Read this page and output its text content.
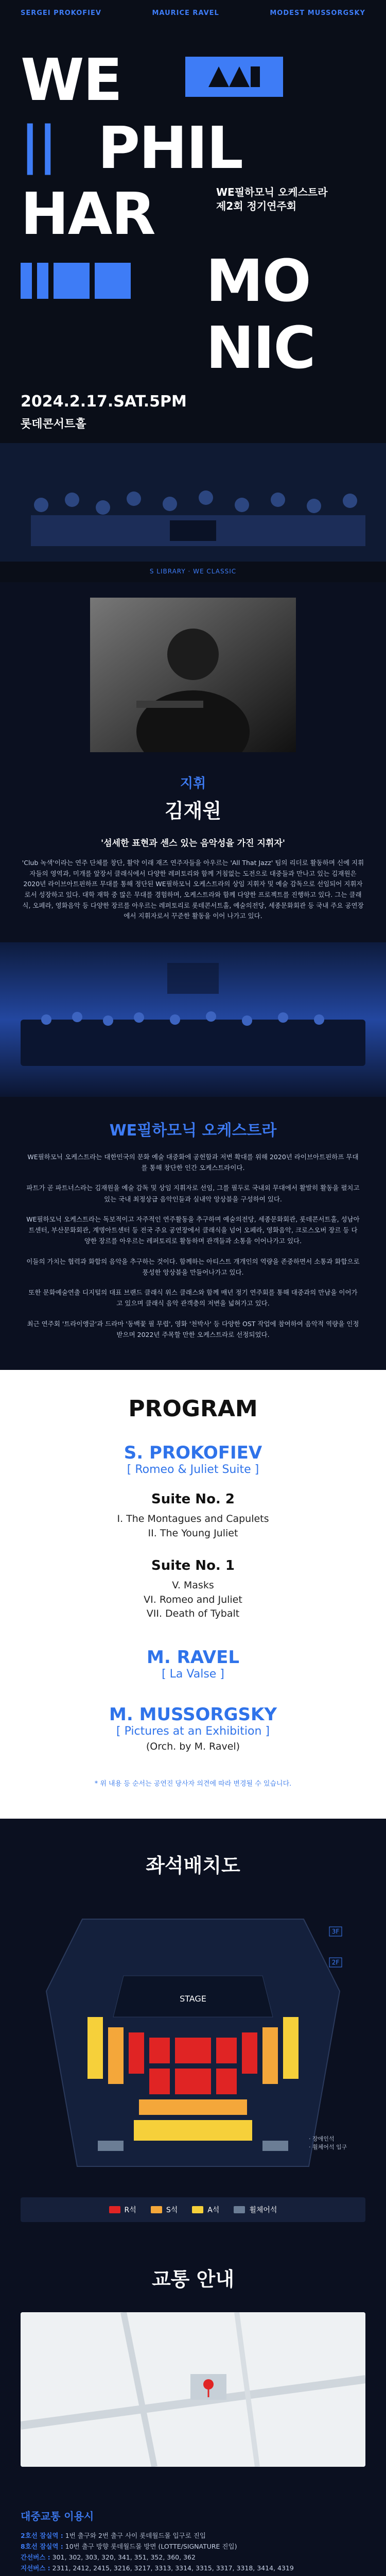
SERGEI PROKOFIEV	MAURICE RAVEL	MODEST MUSSORGSKY
WE
|| PHIL
HAR	WE필하모닉 오케스트라
제2회 정기연주회
MO
NIC
2024.2.17.SAT.5PM
롯데콘서트홀
S LIBRARY · WE CLASSIC
지휘
김재원
'섬세한 표현과 센스 있는 음악성을 가진 지휘자'

'Club 녹색'이라는 연주 단체를 창단, 활약 이래 재즈 연주자들을 아우르는 'All That Jazz' 팀의 리더로 활동하며 신예 지휘자들의 영역과, 미개를 앞장서 클래식에서 다양한 레퍼토리와 함께 거침없는 도전으로 대중들과 만나고 있는 김재원은 2020년 라이브아트핀하프 무대를 통해 정단된 WE필하모닉 오케스트라의 상임 지휘자 및 예술 감독으로 선임되어 지휘자로서 성장하고 있다. 대학 재학 중 많은 무대를 경험하며, 오케스트라와 함께 다양한 프로젝트를 진행하고 있다. 그는 클래식, 오페라, 영화음악 등 다양한 장르를 아우르는 레퍼토리로 롯데콘서트홀, 예술의전당, 세종문화회관 등 국내 주요 공연장에서 지휘자로서 꾸준한 활동을 이어 나가고 있다.

WE필하모닉 오케스트라

WE필하모닉 오케스트라는 대한민국의 문화 예술 대중화에 공헌함과 저변 확대를 위해 2020년 라이브아트핀하프 무대를 통해 창단한 인간 오케스트라이다.

파트가 곧 파트너스라는 김재원을 예술 감독 및 상임 지휘자로 선임, 그를 필두로 국내외 무대에서 활발히 활동을 펼치고 있는 국내 최정상급 음악인들과 실내악 앙상블을 구성하여 있다.

WE필하모닉 오케스트라는 독보적이고 자주적인 연주활동을 추구하며 예술의전당, 세종문화회관, 롯데콘서트홀, 성남아트센터, 부산문화회관, 계명아트센터 등 전국 주요 공연장에서 클래식을 넘어 오페라, 영화음악, 크로스오버 장르 등 다양한 장르를 아우르는 레퍼토리로 활동하며 관객들과 소통을 이어나가고 있다.

이들의 가치는 협력과 화합의 음악을 추구하는 것이다. 함께하는 아티스트 개개인의 역량을 존중하면서 소통과 화합으로 풍성한 앙상블을 만들어나가고 있다.

또한 문화예술연출 디지털의 대표 브랜드 클래식 위스 클래스와 함께 매년 정기 연주회를 통해 대중과의 만남을 이어가고 있으며 클래식 음악 관객층의 저변을 넓혀가고 있다.

최근 연주회 '트라이앵글'과 드라마 '동백꽃 필 무렵', 영화 '천박사' 등 다양한 OST 작업에 참여하여 음악적 역량을 인정받으며 2022년 주목할 만한 오케스트라로 선정되었다.

PROGRAM
S. PROKOFIEV
[ Romeo & Juliet Suite ]
Suite No. 2
I. The Montagues and Capulets
II. The Young Juliet
Suite No. 1
V. Masks
VI. Romeo and Juliet
VII. Death of Tybalt
M. RAVEL
[ La Valse ]
M. MUSSORGSKY
[ Pictures at an Exhibition ]
(Orch. by M. Ravel)
* 위 내용 등 순서는 공연진 당사자 의견에 따라 변경될 수 있습니다.
좌석배치도
STAGE
3F
2F
· 장애인석
· 휠체어석 입구
R석	S석	A석	휠체어석
교통 안내
대중교통 이용시

2호선 잠실역 : 1번 출구와 2번 출구 사이 롯데월드몰 입구로 진입

8호선 잠실역 : 10번 출구 방향 롯데월드몰 방면 (LOTTE/SIGNATURE 진입)

간선버스 : 301, 302, 303, 320, 341, 351, 352, 360, 362

지선버스 : 2311, 2412, 2415, 3216, 3217, 3313, 3314, 3315, 3317, 3318, 3414, 4319
